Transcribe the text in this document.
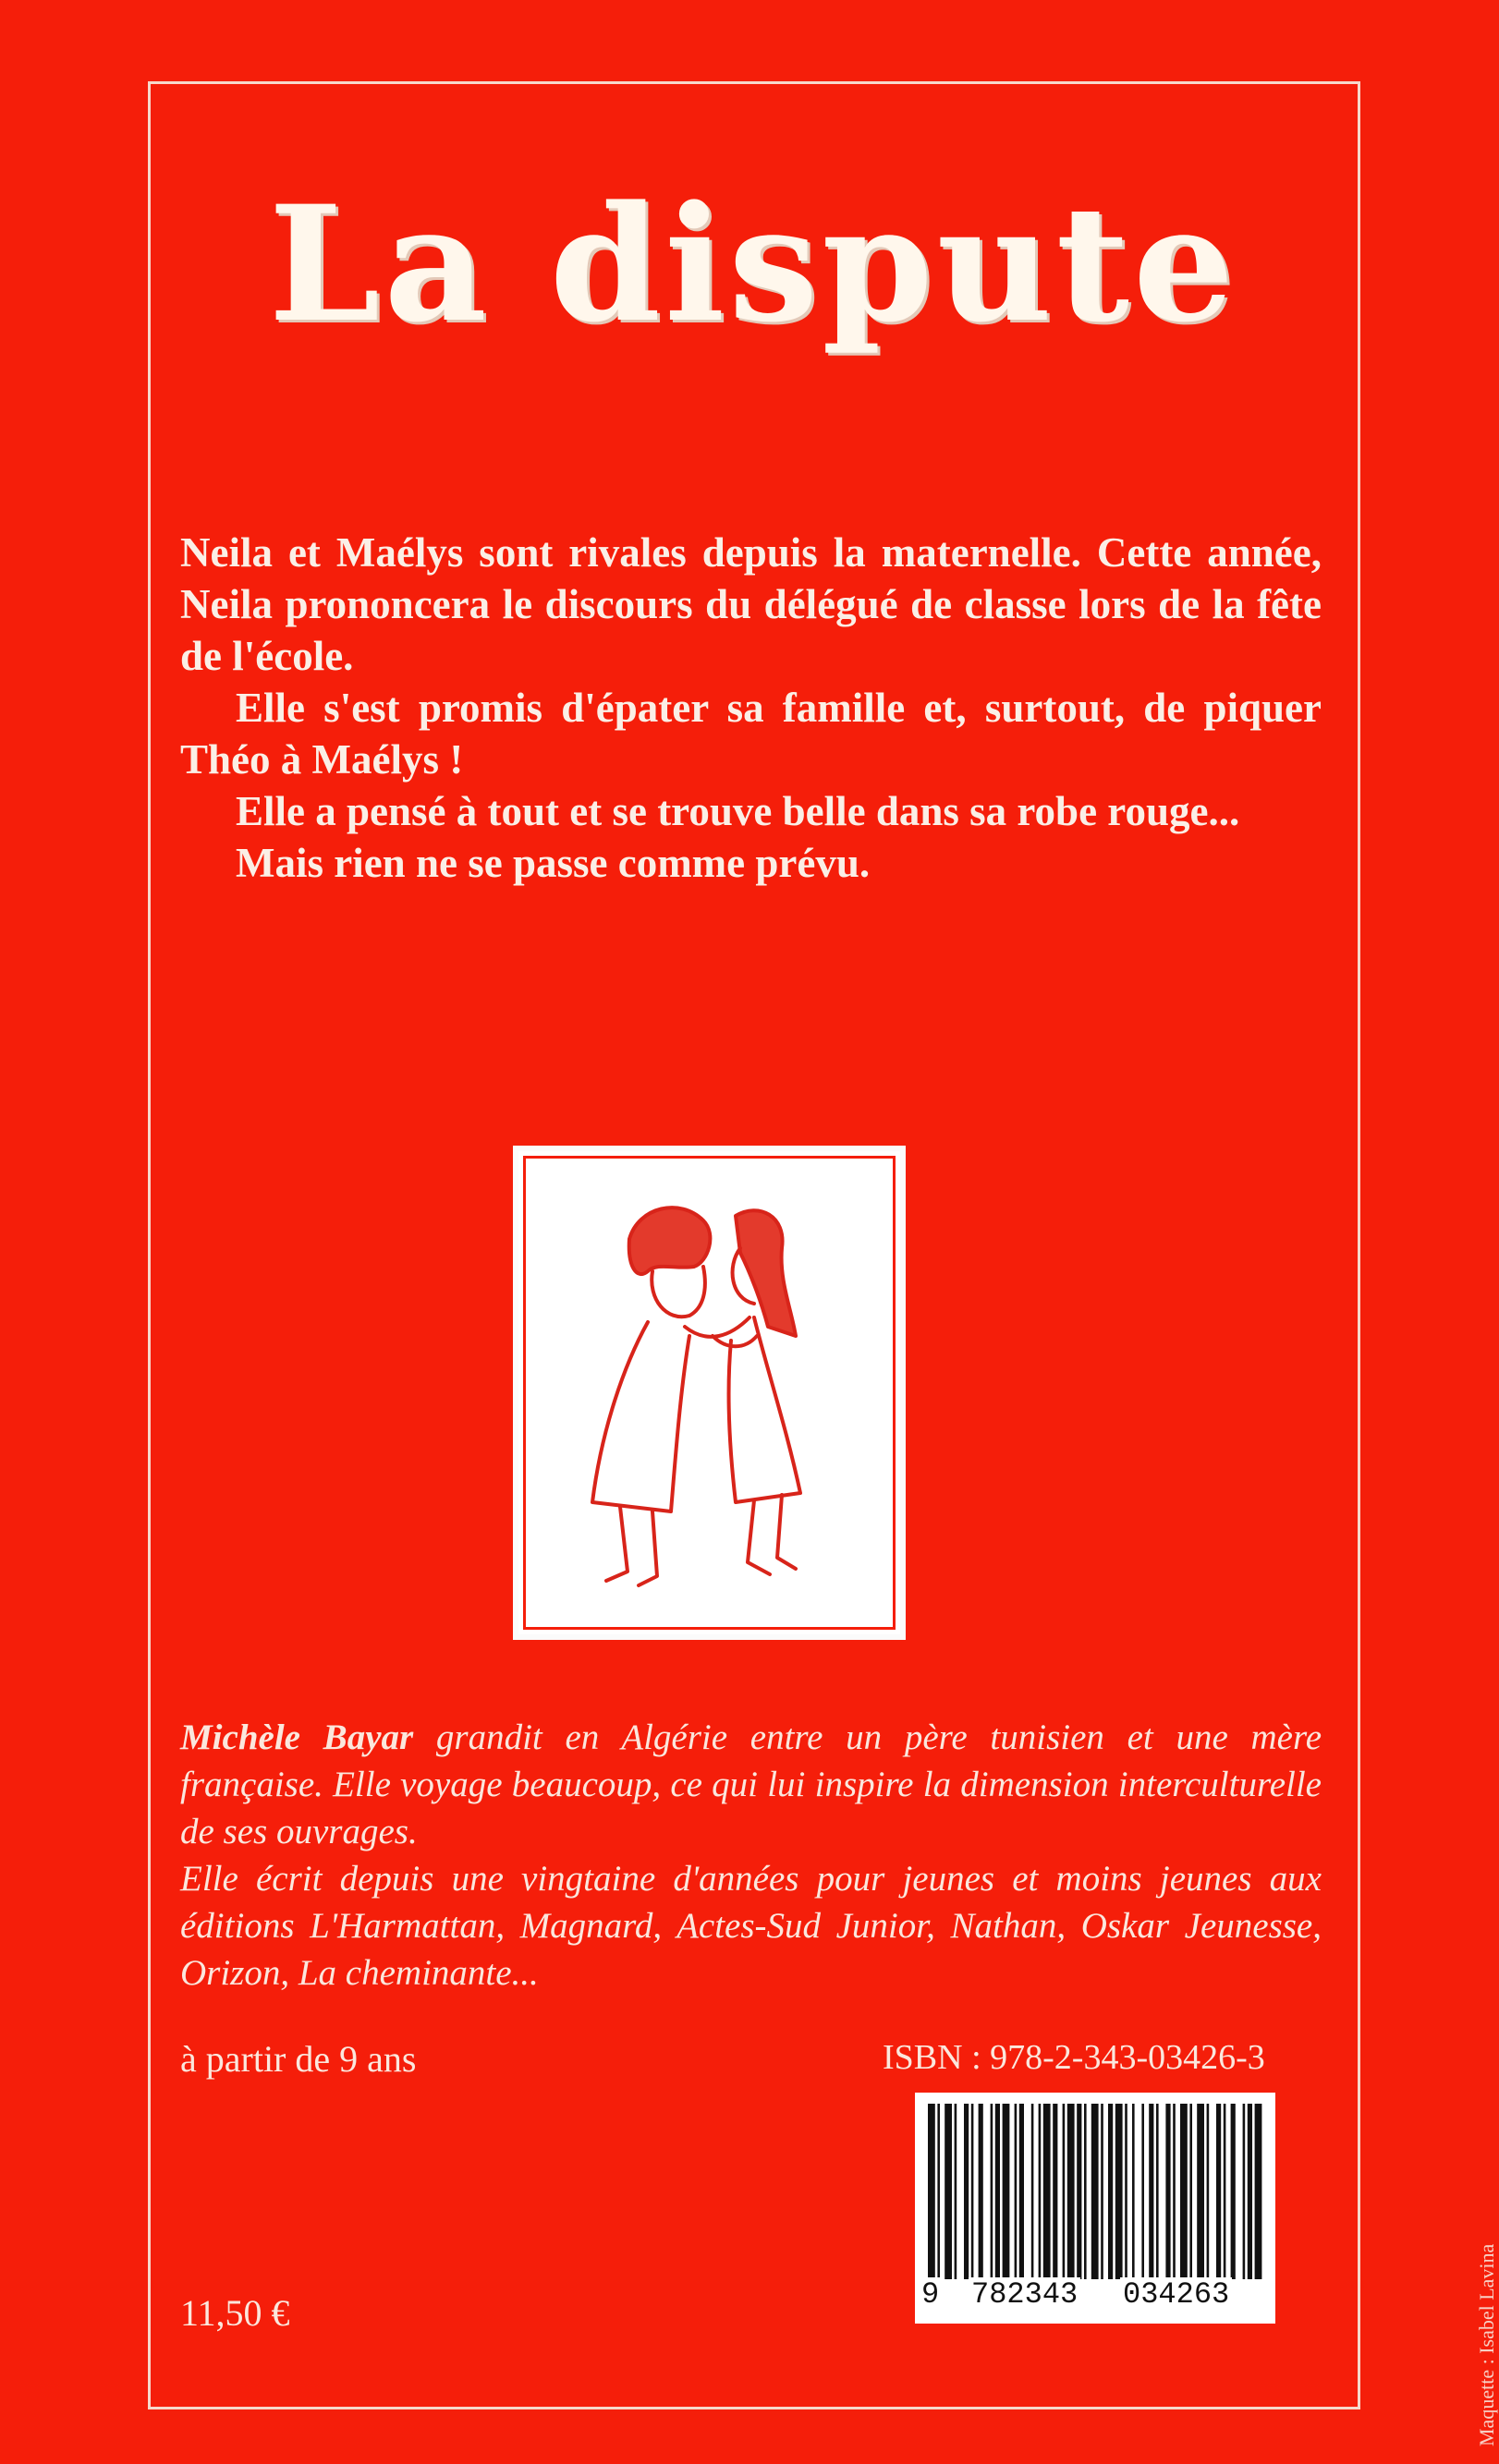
La dispute

Neila et Maélys sont rivales depuis la maternelle. Cette année, Neila prononcera le discours du délégué de classe lors de la fête de l'école.

Elle s'est promis d'épater sa famille et, surtout, de piquer Théo à Maélys !

Elle a pensé à tout et se trouve belle dans sa robe rouge...

Mais rien ne se passe comme prévu.

Michèle Bayar grandit en Algérie entre un père tunisien et une mère française. Elle voyage beaucoup, ce qui lui inspire la dimension interculturelle de ses ouvrages.

Elle écrit depuis une vingtaine d'années pour jeunes et moins jeunes aux éditions L'Harmattan, Magnard, Actes-Sud Junior, Nathan, Oskar Jeunesse, Orizon, La cheminante...

à partir de 9 ans	ISBN : 978-2-343-03426-3
9 782343 034263
11,50 €	Maquette : Isabel Lavina
